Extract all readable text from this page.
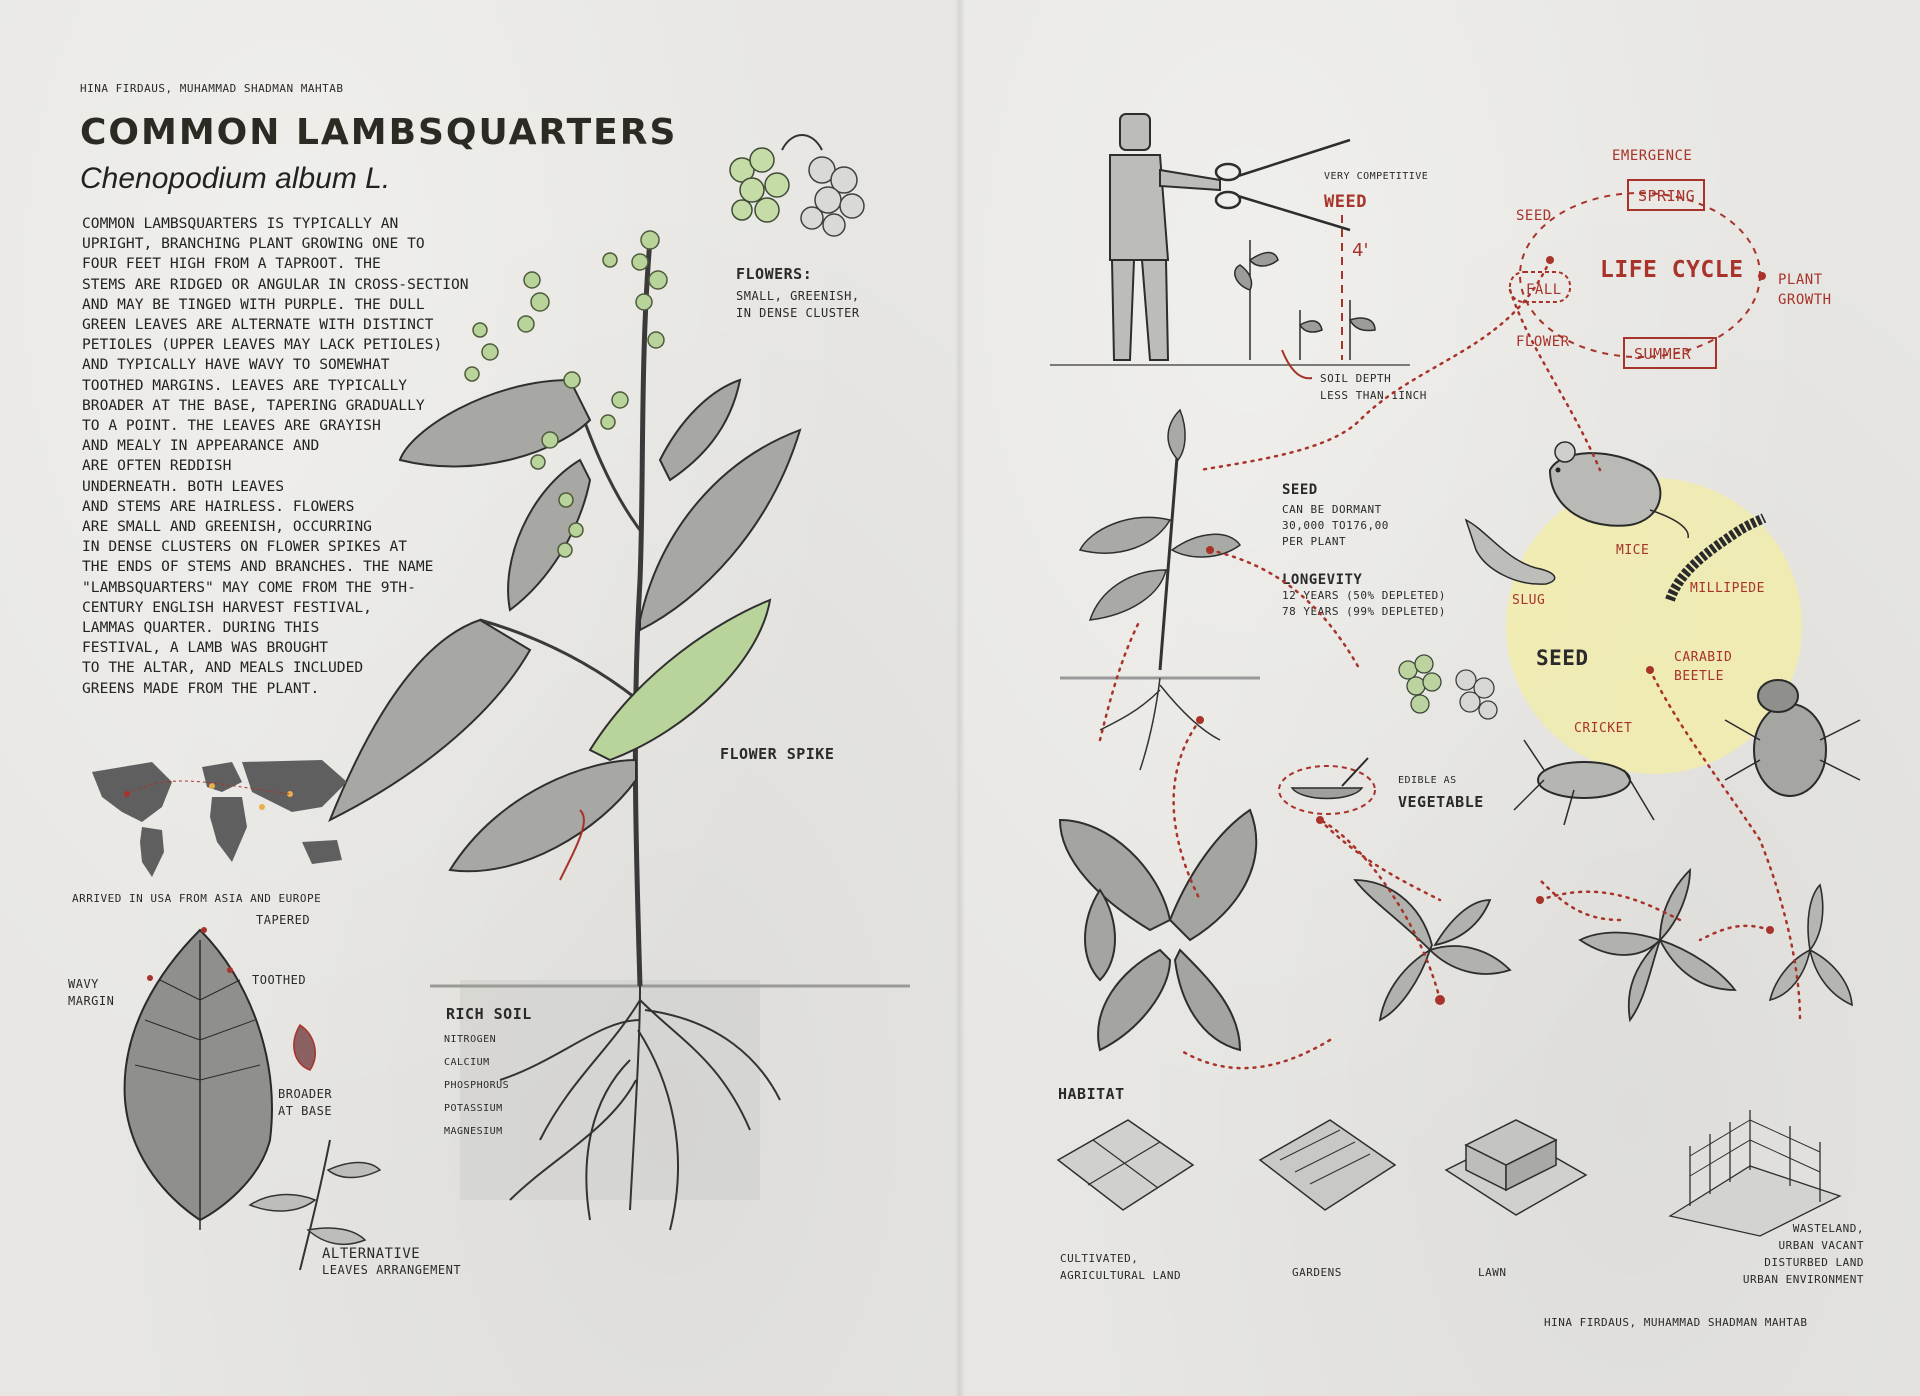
HINA FIRDAUS, MUHAMMAD SHADMAN MAHTAB
COMMON LAMBSQUARTERS
Chenopodium album L.
COMMON LAMBSQUARTERS IS TYPICALLY AN
UPRIGHT, BRANCHING PLANT GROWING ONE TO
FOUR FEET HIGH FROM A TAPROOT. THE
STEMS ARE RIDGED OR ANGULAR IN CROSS-SECTION
AND MAY BE TINGED WITH PURPLE. THE DULL
GREEN LEAVES ARE ALTERNATE WITH DISTINCT
PETIOLES (UPPER LEAVES MAY LACK PETIOLES)
AND TYPICALLY HAVE WAVY TO SOMEWHAT
TOOTHED MARGINS. LEAVES ARE TYPICALLY
BROADER AT THE BASE, TAPERING GRADUALLY
TO A POINT. THE LEAVES ARE GRAYISH
AND MEALY IN APPEARANCE AND
ARE OFTEN REDDISH
UNDERNEATH. BOTH LEAVES
AND STEMS ARE HAIRLESS. FLOWERS
ARE SMALL AND GREENISH, OCCURRING
IN DENSE CLUSTERS ON FLOWER SPIKES AT
THE ENDS OF STEMS AND BRANCHES. THE NAME
"LAMBSQUARTERS" MAY COME FROM THE 9TH-
CENTURY ENGLISH HARVEST FESTIVAL,
LAMMAS QUARTER. DURING THIS
FESTIVAL, A LAMB WAS BROUGHT
TO THE ALTAR, AND MEALS INCLUDED
GREENS MADE FROM THE PLANT.
FLOWERS:
SMALL, GREENISH,
IN DENSE CLUSTER
FLOWER SPIKE
ARRIVED IN USA FROM ASIA AND EUROPE
TAPERED
WAVY
MARGIN
TOOTHED
BROADER
AT BASE
ALTERNATIVE
LEAVES ARRANGEMENT
RICH SOIL
NITROGEN
CALCIUM
PHOSPHORUS
POTASSIUM
MAGNESIUM
VERY COMPETITIVE
WEED
4'
SOIL DEPTH
LESS THAN 1INCH
EMERGENCE
SPRING
SEED
LIFE CYCLE
FALL
PLANT
GROWTH
FLOWER
SUMMER
SEED
CAN BE DORMANT
30,000 TO176,00
PER PLANT
LONGEVITY
12 YEARS (50% DEPLETED)
78 YEARS (99% DEPLETED)
MICE
SLUG
MILLIPEDE
SEED	CARABID
BEETLE
CRICKET
EDIBLE AS
VEGETABLE
HABITAT
CULTIVATED,
AGRICULTURAL LAND	GARDENS	LAWN
WASTELAND,
URBAN VACANT
DISTURBED LAND
URBAN ENVIRONMENT
HINA FIRDAUS, MUHAMMAD SHADMAN MAHTAB
